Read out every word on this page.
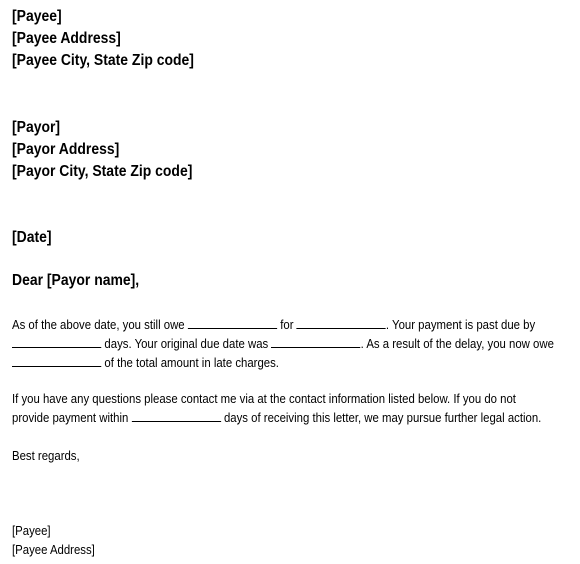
[Payee]
[Payee Address]
[Payee City, State Zip code]
[Payor]
[Payor Address]
[Payor City, State Zip code]
[Date]
Dear [Payor name],
As of the above date, you still owe	for	. Your payment is past due by
days. Your original due date was	. As a result of the delay, you now owe
of the total amount in late charges.
If you have any questions please contact me via at the contact information listed below. If you do not
provide payment within	days of receiving this letter, we may pursue further legal action.
Best regards,
[Payee]
[Payee Address]
